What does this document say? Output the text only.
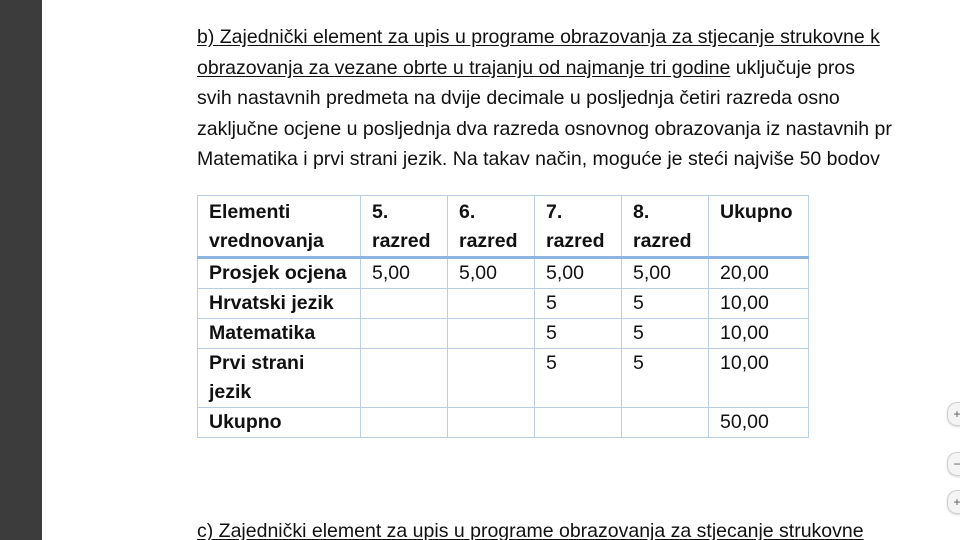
b) Zajednički element za upis u programe obrazovanja za stjecanje strukovne k
obrazovanja za vezane obrte u trajanju od najmanje tri godine uključuje pros
svih nastavnih predmeta na dvije decimale u posljednja četiri razreda osno
zaključne ocjene u posljednja dva razreda osnovnog obrazovanja iz nastavnih pr
Matematika i prvi strani jezik. Na takav način, moguće je steći najviše 50 bodov
Elementi vrednovanja	5. razred	6. razred	7. razred	8. razred	Ukupno
Prosjek ocjena	5,00	5,00	5,00	5,00	20,00
Hrvatski jezik			5	5	10,00
Matematika			5	5	10,00
Prvi strani jezik			5	5	10,00
Ukupno					50,00
c) Zajednički element za upis u programe obrazovanja za stjecanje strukovne
+
−
+
